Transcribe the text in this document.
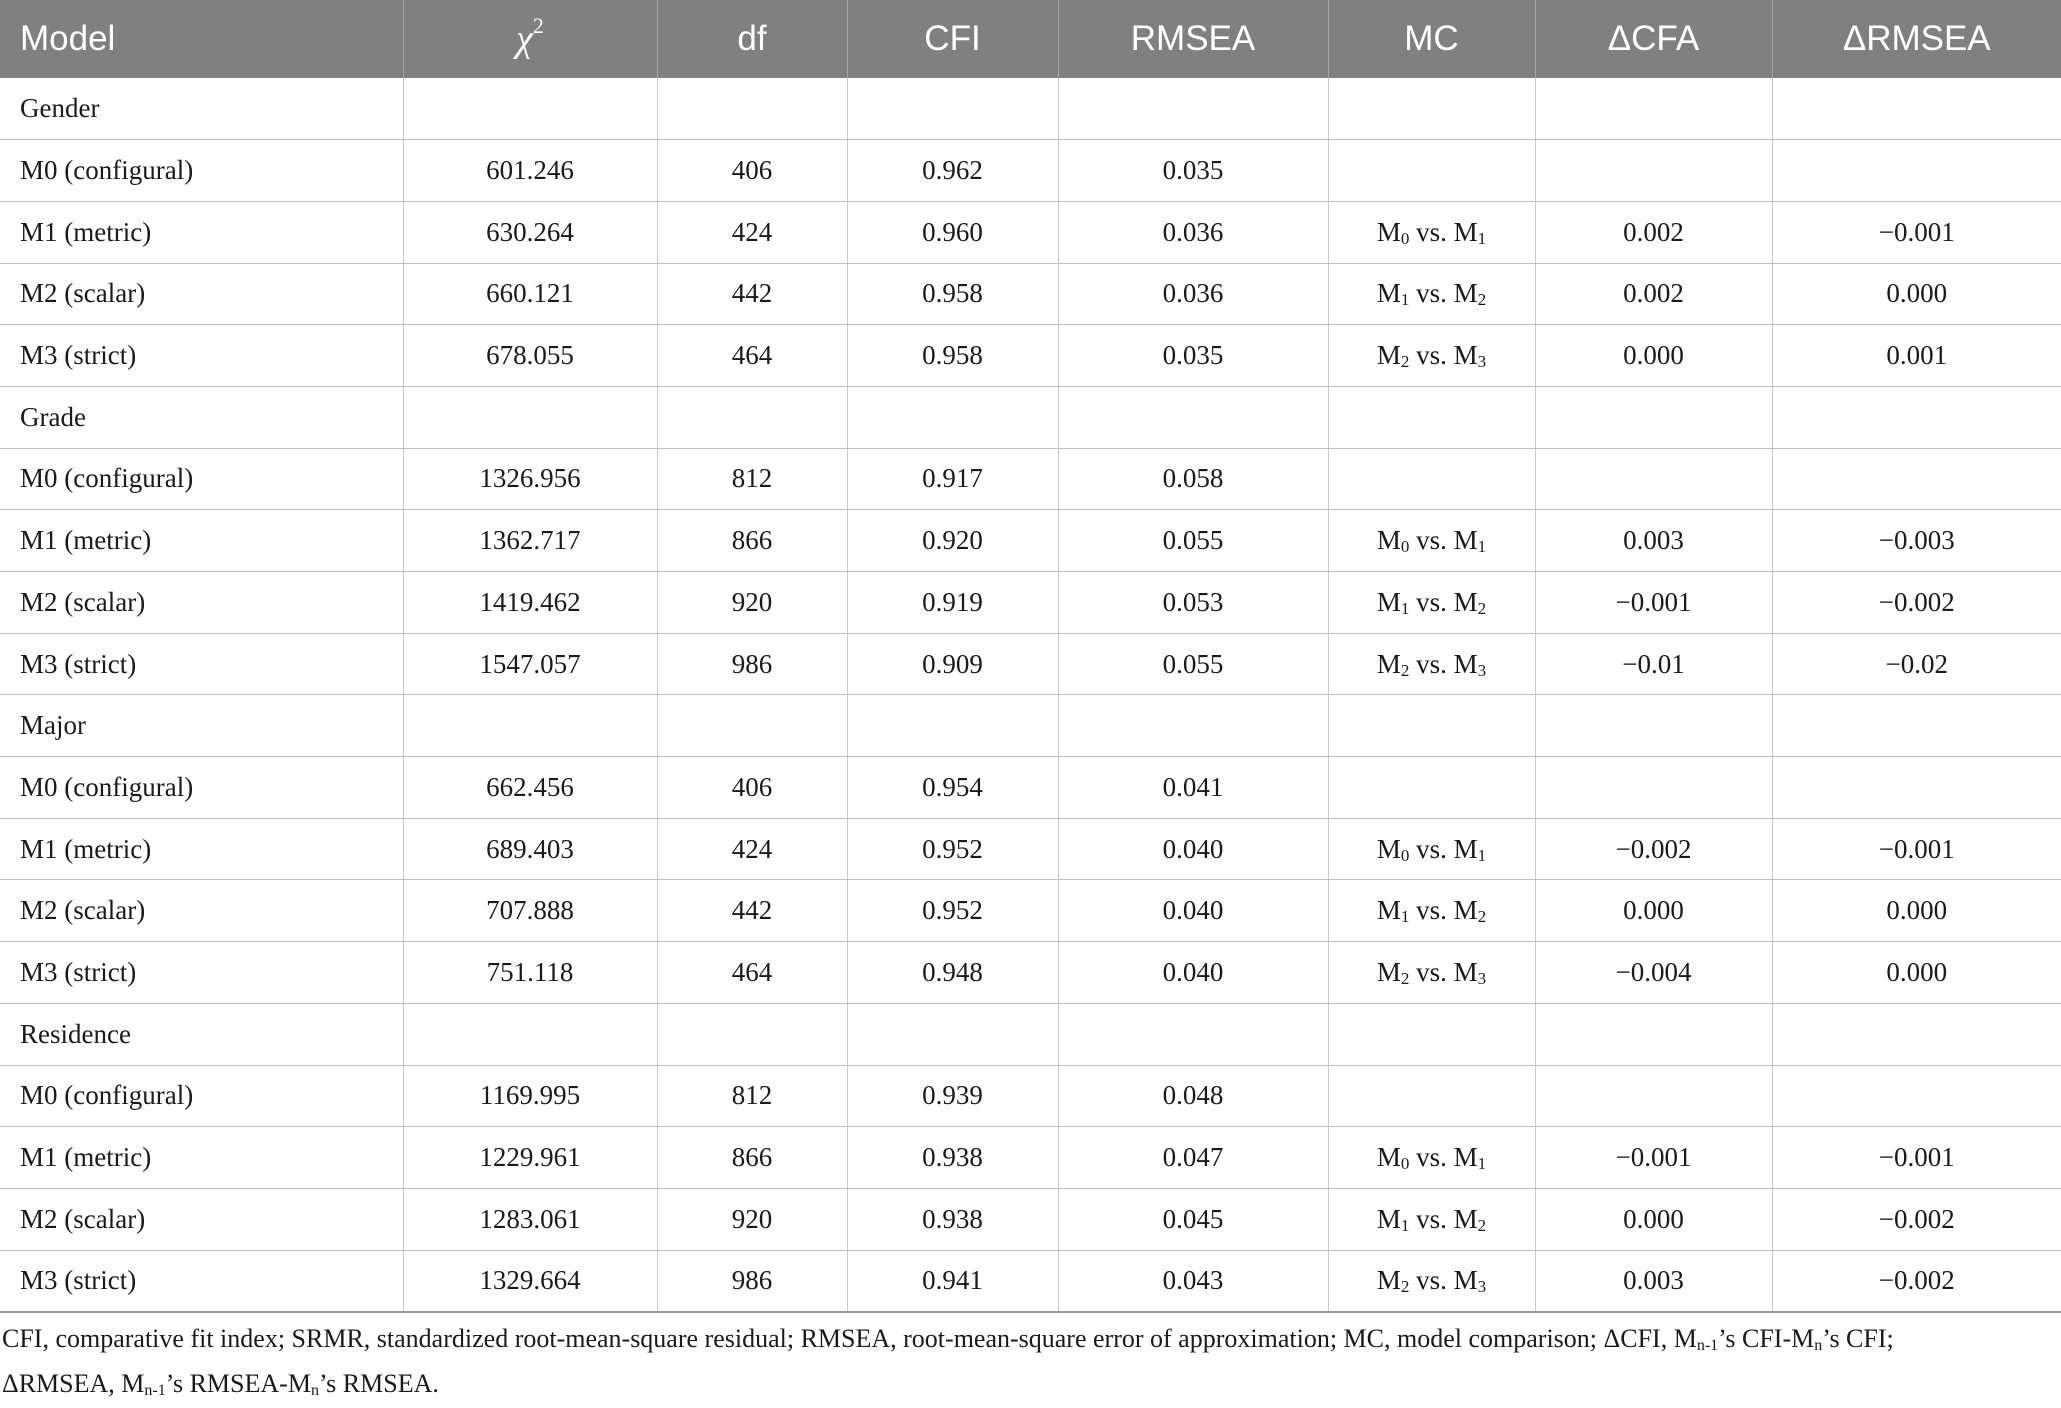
Model	$\chi^2$	df	CFI	RMSEA	MC	ΔCFA	ΔRMSEA
Gender							
M0 (configural)	601.246	406	0.962	0.035			
M1 (metric)	630.264	424	0.960	0.036	$M_0$ vs. $M_1$	0.002	−0.001
M2 (scalar)	660.121	442	0.958	0.036	$M_1$ vs. $M_2$	0.002	0.000
M3 (strict)	678.055	464	0.958	0.035	$M_2$ vs. $M_3$	0.000	0.001
Grade							
M0 (configural)	1326.956	812	0.917	0.058			
M1 (metric)	1362.717	866	0.920	0.055	$M_0$ vs. $M_1$	0.003	−0.003
M2 (scalar)	1419.462	920	0.919	0.053	$M_1$ vs. $M_2$	−0.001	−0.002
M3 (strict)	1547.057	986	0.909	0.055	$M_2$ vs. $M_3$	−0.01	−0.02
Major							
M0 (configural)	662.456	406	0.954	0.041			
M1 (metric)	689.403	424	0.952	0.040	$M_0$ vs. $M_1$	−0.002	−0.001
M2 (scalar)	707.888	442	0.952	0.040	$M_1$ vs. $M_2$	0.000	0.000
M3 (strict)	751.118	464	0.948	0.040	$M_2$ vs. $M_3$	−0.004	0.000
Residence							
M0 (configural)	1169.995	812	0.939	0.048			
M1 (metric)	1229.961	866	0.938	0.047	$M_0$ vs. $M_1$	−0.001	−0.001
M2 (scalar)	1283.061	920	0.938	0.045	$M_1$ vs. $M_2$	0.000	−0.002
M3 (strict)	1329.664	986	0.941	0.043	$M_2$ vs. $M_3$	0.003	−0.002
CFI, comparative fit index; SRMR, standardized root-mean-square residual; RMSEA, root-mean-square error of approximation; MC, model comparison; ΔCFI, $M_{n-1}’s$ CFI-$M_n’s$ CFI;
ΔRMSEA, $M_{n-1}’s$ RMSEA-$M_n’s$ RMSEA.
